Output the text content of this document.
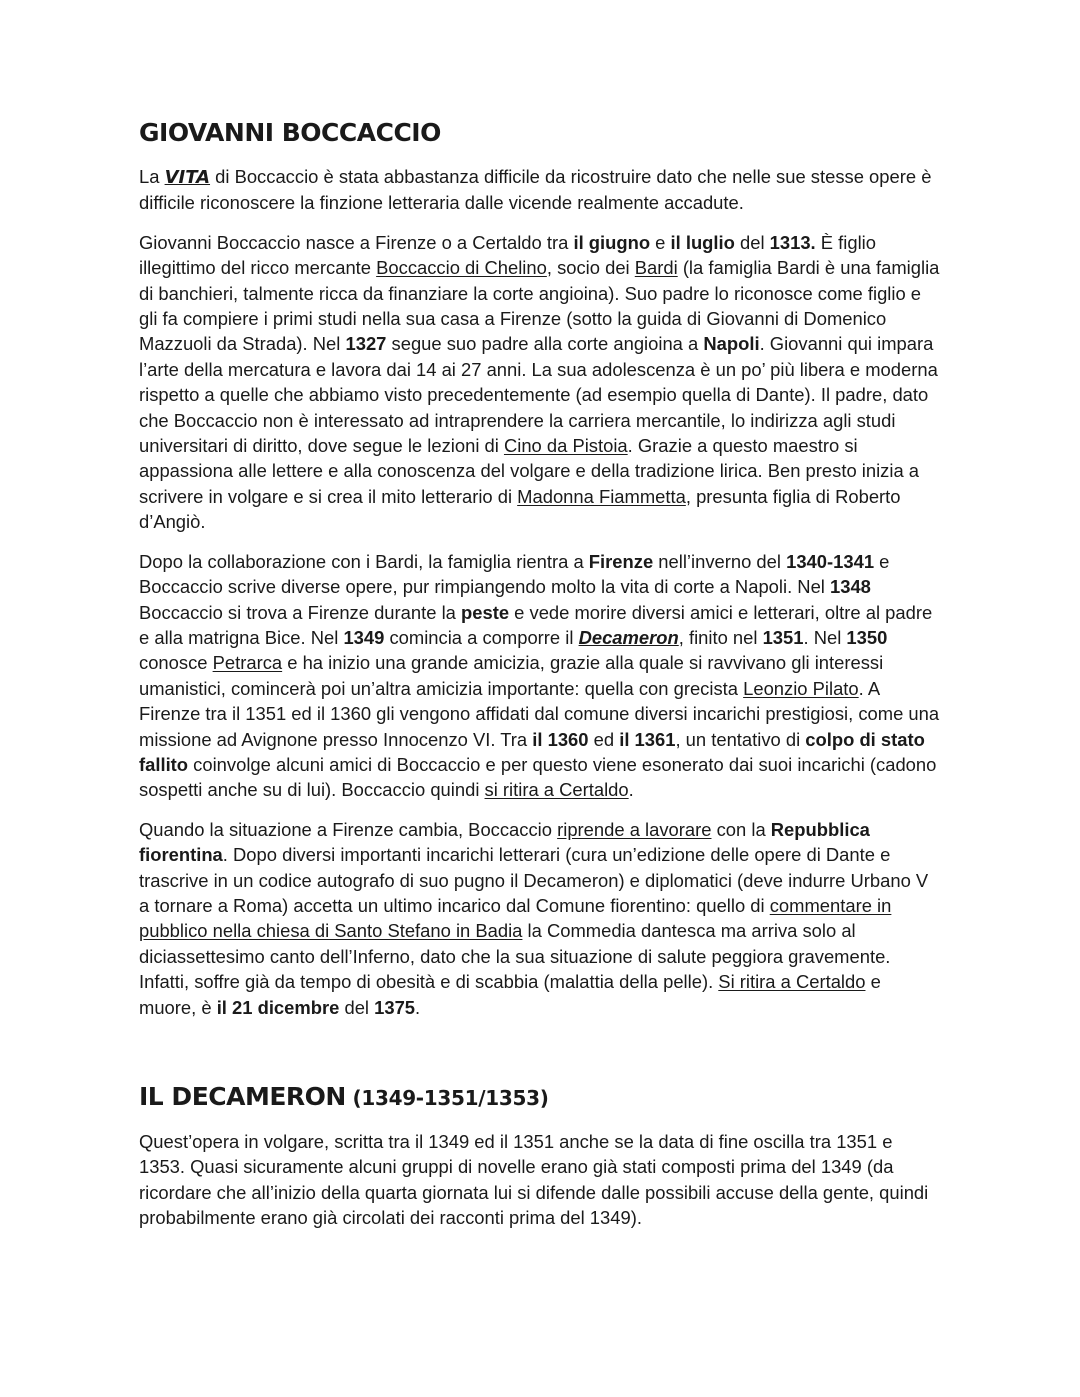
GIOVANNI BOCCACCIO

La VITA di Boccaccio è stata abbastanza difficile da ricostruire dato che nelle sue stesse opere è difficile riconoscere la finzione letteraria dalle vicende realmente accadute.

Giovanni Boccaccio nasce a Firenze o a Certaldo tra il giugno e il luglio del 1313. È figlio illegittimo del ricco mercante Boccaccio di Chelino, socio dei Bardi (la famiglia Bardi è una famiglia di banchieri, talmente ricca da finanziare la corte angioina). Suo padre lo riconosce come figlio e gli fa compiere i primi studi nella sua casa a Firenze (sotto la guida di Giovanni di Domenico Mazzuoli da Strada). Nel 1327 segue suo padre alla corte angioina a Napoli. Giovanni qui impara l’arte della mercatura e lavora dai 14 ai 27 anni. La sua adolescenza è un po’ più libera e moderna rispetto a quelle che abbiamo visto precedentemente (ad esempio quella di Dante). Il padre, dato che Boccaccio non è interessato ad intraprendere la carriera mercantile, lo indirizza agli studi universitari di diritto, dove segue le lezioni di Cino da Pistoia. Grazie a questo maestro si appassiona alle lettere e alla conoscenza del volgare e della tradizione lirica. Ben presto inizia a scrivere in volgare e si crea il mito letterario di Madonna Fiammetta, presunta figlia di Roberto d’Angiò.

Dopo la collaborazione con i Bardi, la famiglia rientra a Firenze nell’inverno del 1340-1341 e Boccaccio scrive diverse opere, pur rimpiangendo molto la vita di corte a Napoli. Nel 1348 Boccaccio si trova a Firenze durante la peste e vede morire diversi amici e letterari, oltre al padre e alla matrigna Bice. Nel 1349 comincia a comporre il Decameron, finito nel 1351. Nel 1350 conosce Petrarca e ha inizio una grande amicizia, grazie alla quale si ravvivano gli interessi umanistici, comincerà poi un’altra amicizia importante: quella con grecista Leonzio Pilato. A Firenze tra il 1351 ed il 1360 gli vengono affidati dal comune diversi incarichi prestigiosi, come una missione ad Avignone presso Innocenzo VI. Tra il 1360 ed il 1361, un tentativo di colpo di stato fallito coinvolge alcuni amici di Boccaccio e per questo viene esonerato dai suoi incarichi (cadono sospetti anche su di lui). Boccaccio quindi si ritira a Certaldo.

Quando la situazione a Firenze cambia, Boccaccio riprende a lavorare con la Repubblica fiorentina. Dopo diversi importanti incarichi letterari (cura un’edizione delle opere di Dante e trascrive in un codice autografo di suo pugno il Decameron) e diplomatici (deve indurre Urbano V a tornare a Roma) accetta un ultimo incarico dal Comune fiorentino: quello di commentare in pubblico nella chiesa di Santo Stefano in Badia la Commedia dantesca ma arriva solo al diciassettesimo canto dell’Inferno, dato che la sua situazione di salute peggiora gravemente. Infatti, soffre già da tempo di obesità e di scabbia (malattia della pelle). Si ritira a Certaldo e muore, è il 21 dicembre del 1375.

IL DECAMERON (1349-1351/1353)

Quest’opera in volgare, scritta tra il 1349 ed il 1351 anche se la data di fine oscilla tra 1351 e 1353. Quasi sicuramente alcuni gruppi di novelle erano già stati composti prima del 1349 (da ricordare che all’inizio della quarta giornata lui si difende dalle possibili accuse della gente, quindi probabilmente erano già circolati dei racconti prima del 1349).
